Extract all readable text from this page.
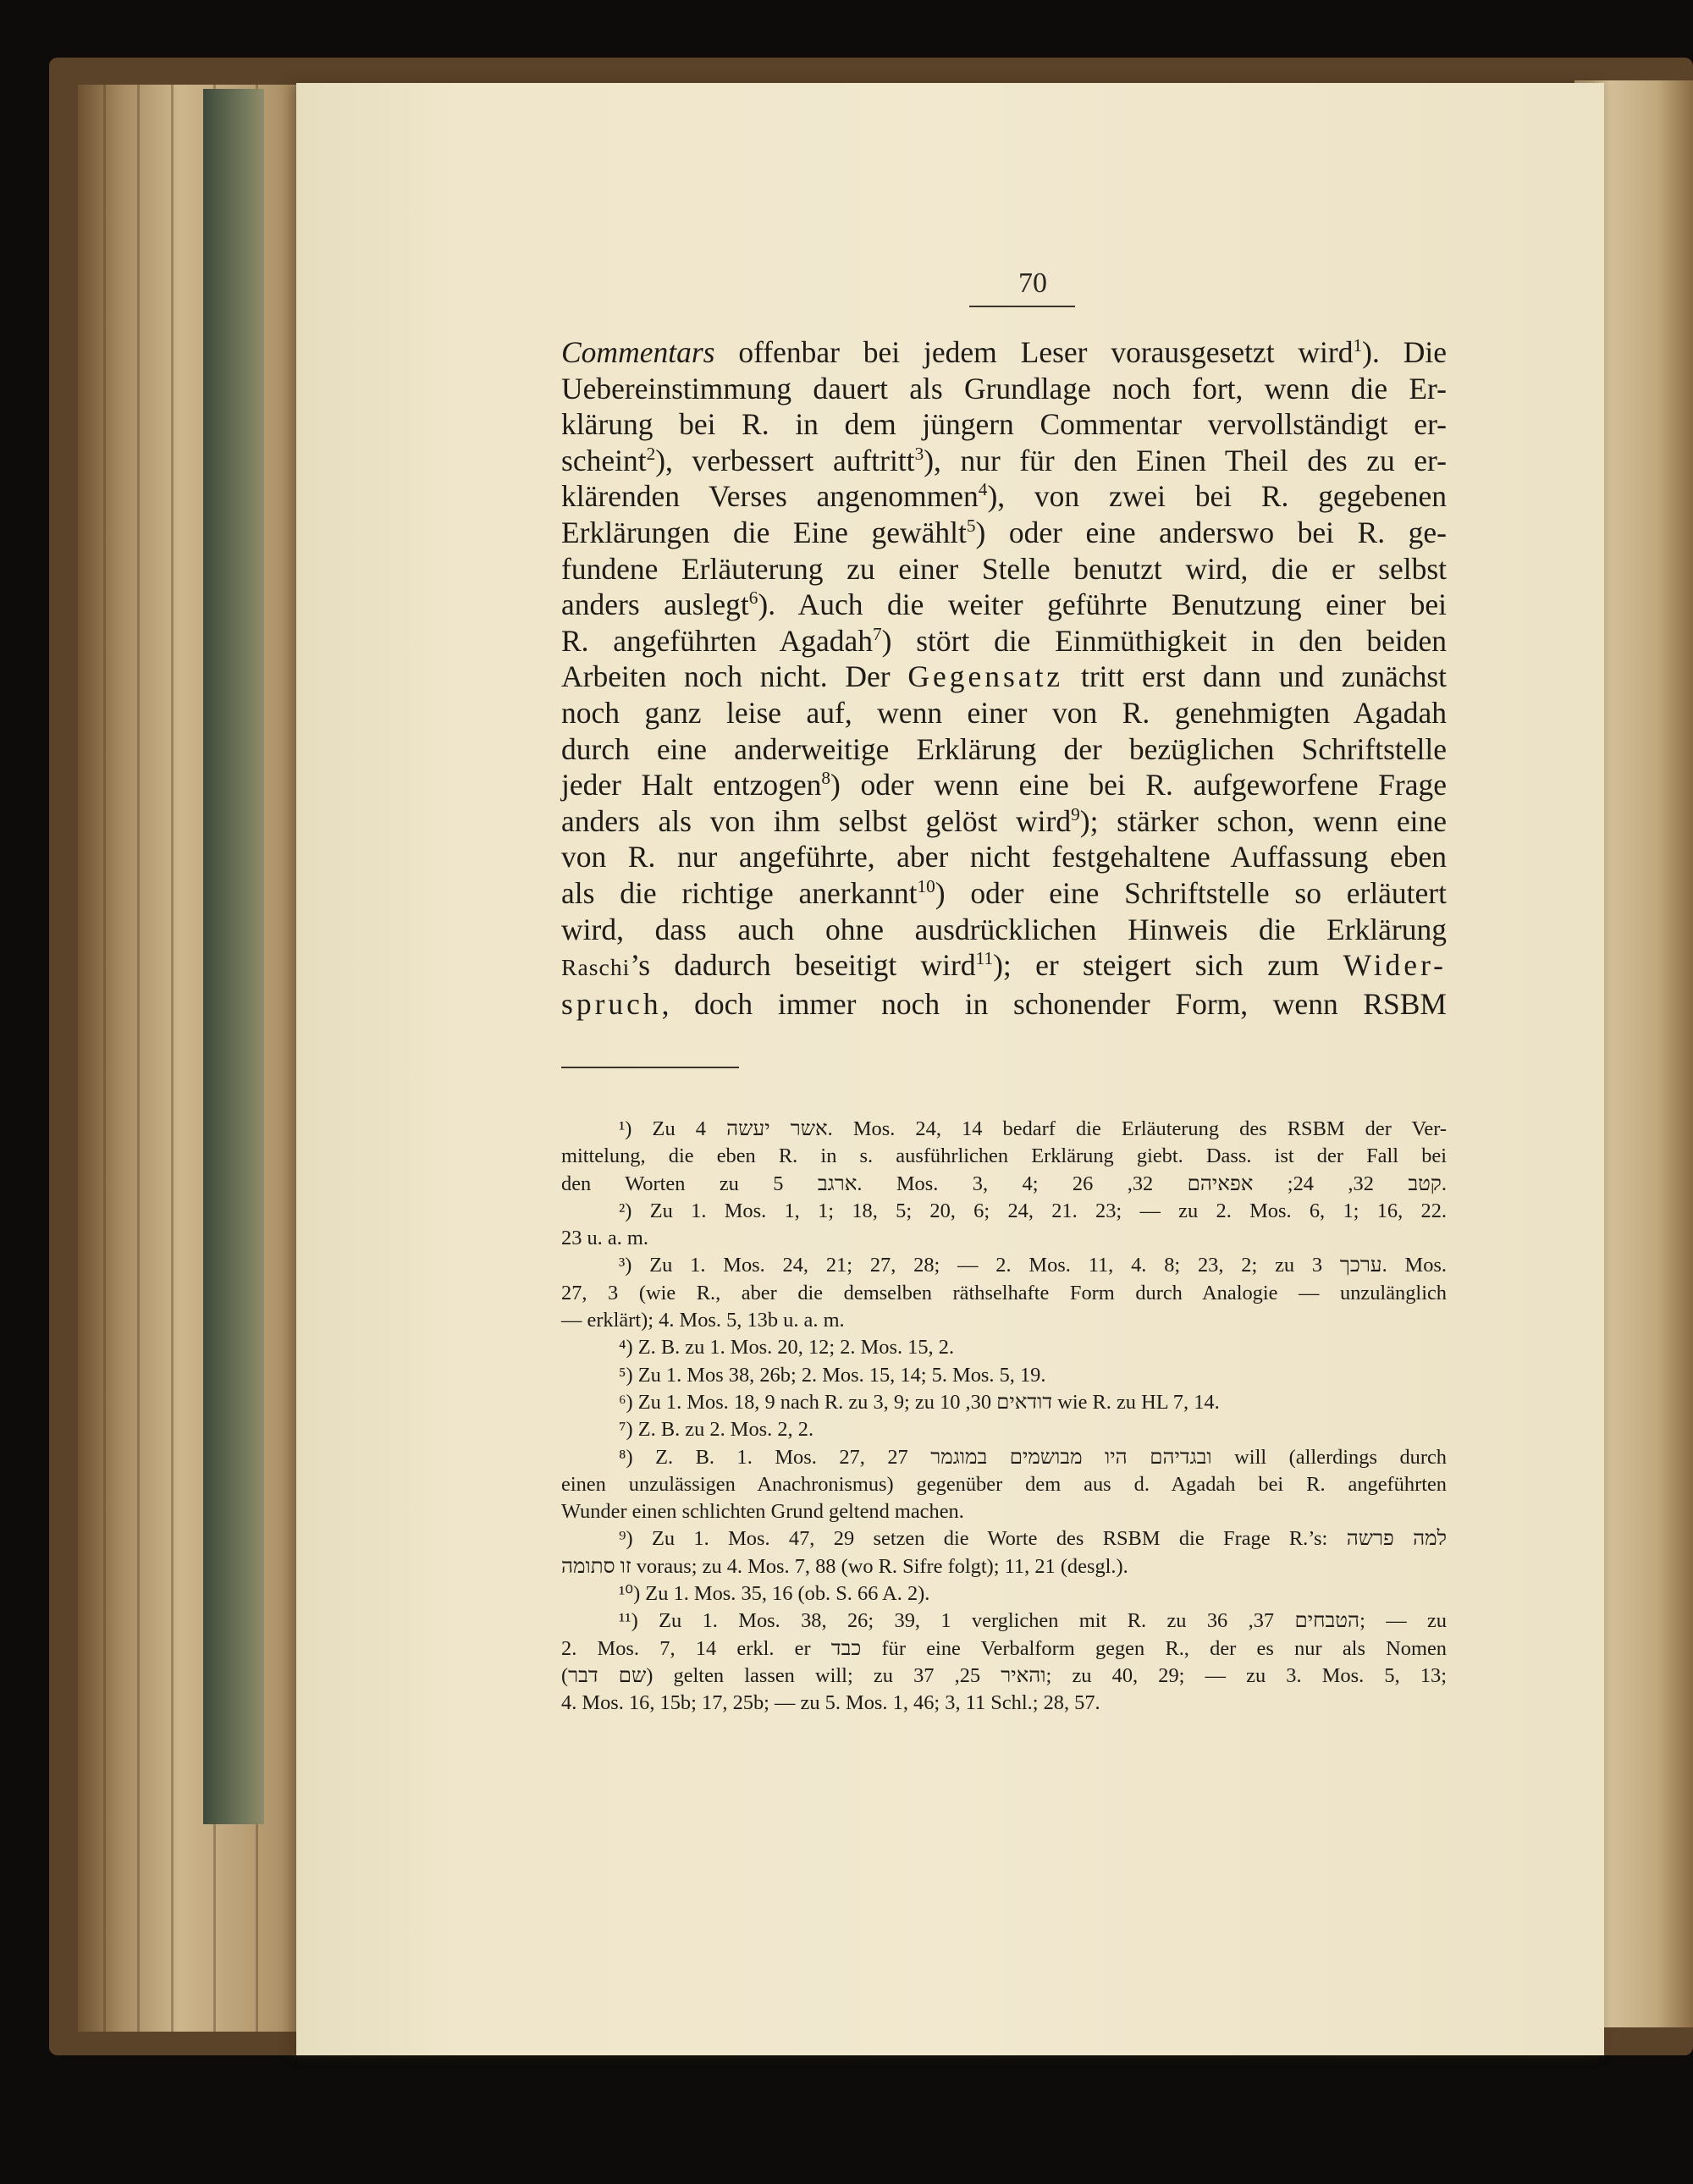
70
Commentars offenbar bei jedem Leser vorausgesetzt wird$^1$). Die
Uebereinstimmung dauert als Grundlage noch fort, wenn die Er-
klärung bei R. in dem jüngern Commentar vervollständigt er-
scheint$^2$), verbessert auftritt$^3$), nur für den Einen Theil des zu er-
klärenden Verses angenommen$^4$), von zwei bei R. gegebenen
Erklärungen die Eine gewählt$^5$) oder eine anderswo bei R. ge-
fundene Erläuterung zu einer Stelle benutzt wird, die er selbst
anders auslegt$^6$). Auch die weiter geführte Benutzung einer bei
R. angeführten Agadah$^7$) stört die Einmüthigkeit in den beiden
Arbeiten noch nicht. Der Gegensatz tritt erst dann und zunächst
noch ganz leise auf, wenn einer von R. genehmigten Agadah
durch eine anderweitige Erklärung der bezüglichen Schriftstelle
jeder Halt entzogen$^8$) oder wenn eine bei R. aufgeworfene Frage
anders als von ihm selbst gelöst wird$^9$); stärker schon, wenn eine
von R. nur angeführte, aber nicht festgehaltene Auffassung eben
als die richtige anerkannt$^{10}$) oder eine Schriftstelle so erläutert
wird, dass auch ohne ausdrücklichen Hinweis die Erklärung
Raschi’s dadurch beseitigt wird$^{11}$); er steigert sich zum Wider-
spruch, doch immer noch in schonender Form, wenn RSBM
¹) Zu אשר יעשה 4. Mos. 24, 14 bedarf die Erläuterung des RSBM der Ver-
mittelung, die eben R. in s. ausführlichen Erklärung giebt. Dass. ist der Fall bei
den Worten zu ארגב 5. Mos. 3, 4; קטב 32, 24; אפאיהם 32, 26.
²) Zu 1. Mos. 1, 1; 18, 5; 20, 6; 24, 21. 23; — zu 2. Mos. 6, 1; 16, 22.
23 u. a. m.
³) Zu 1. Mos. 24, 21; 27, 28; — 2. Mos. 11, 4. 8; 23, 2; zu ערכך 3. Mos.
27, 3 (wie R., aber die demselben räthselhafte Form durch Analogie — unzulänglich
— erklärt); 4. Mos. 5, 13b u. a. m.
⁴) Z. B. zu 1. Mos. 20, 12; 2. Mos. 15, 2.
⁵) Zu 1. Mos 38, 26b; 2. Mos. 15, 14; 5. Mos. 5, 19.
⁶) Zu 1. Mos. 18, 9 nach R. zu 3, 9; zu דודאים 30, 10 wie R. zu HL 7, 14.
⁷) Z. B. zu 2. Mos. 2, 2.
⁸) Z. B. 1. Mos. 27, 27 ובגדיהם היו מבושמים במוגמר will (allerdings durch
einen unzulässigen Anachronismus) gegenüber dem aus d. Agadah bei R. angeführten
Wunder einen schlichten Grund geltend machen.
⁹) Zu 1. Mos. 47, 29 setzen die Worte des RSBM die Frage R.’s: למה פרשה
זו סתומה voraus; zu 4. Mos. 7, 88 (wo R. Sifre folgt); 11, 21 (desgl.).
¹⁰) Zu 1. Mos. 35, 16 (ob. S. 66 A. 2).
¹¹) Zu 1. Mos. 38, 26; 39, 1 verglichen mit R. zu הטבחים 37, 36; — zu
2. Mos. 7, 14 erkl. er כבד für eine Verbalform gegen R., der es nur als Nomen
(שם דבר) gelten lassen will; zu והאיר 25, 37; zu 40, 29; — zu 3. Mos. 5, 13;
4. Mos. 16, 15b; 17, 25b; — zu 5. Mos. 1, 46; 3, 11 Schl.; 28, 57.
